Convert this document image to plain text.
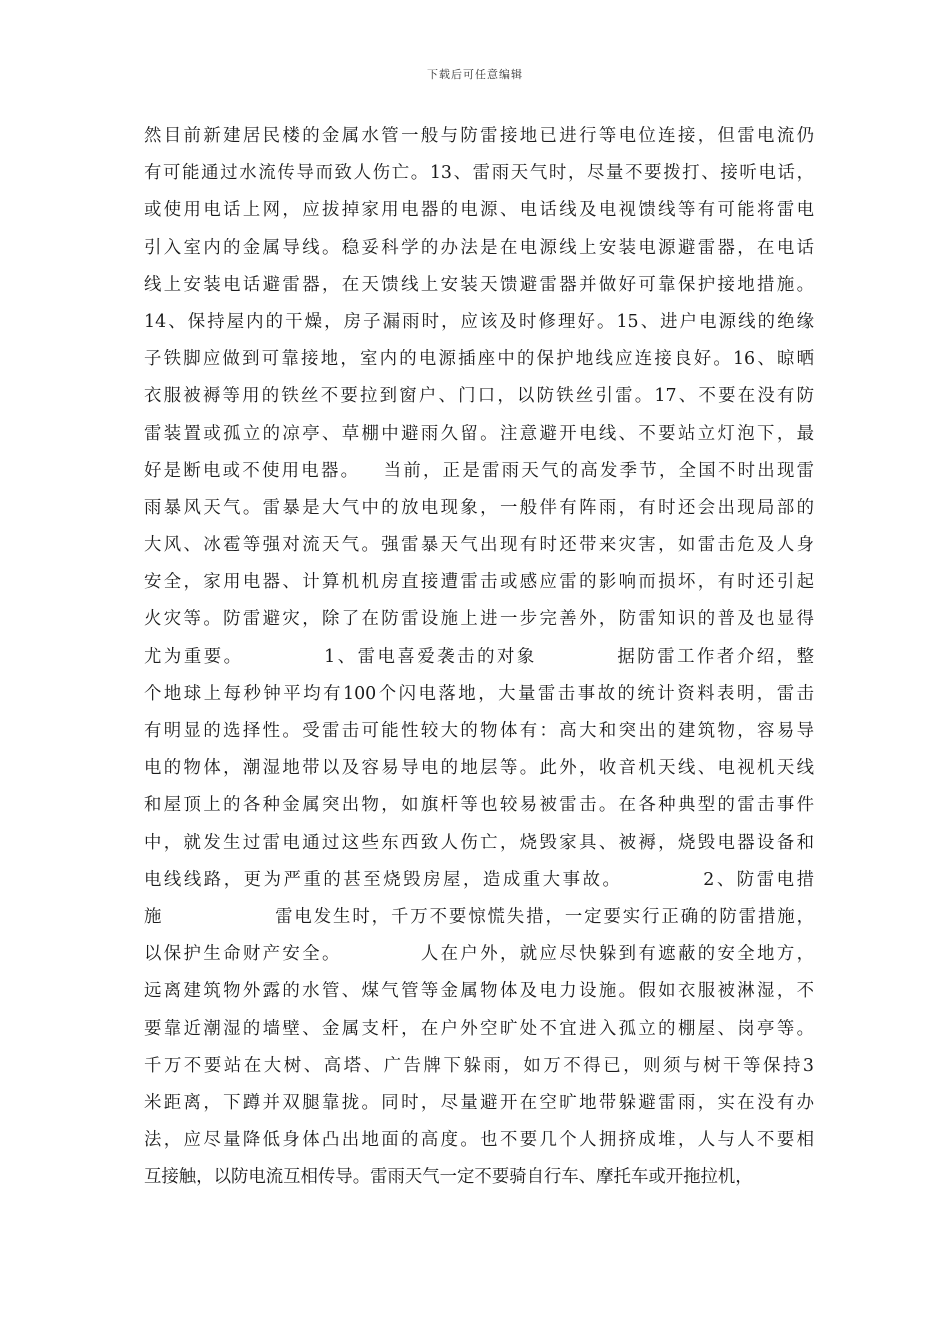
下载后可任意编辑
然目前新建居民楼的金属水管一般与防雷接地已进行等电位连接，但雷电流仍
有可能通过水流传导而致人伤亡。13、雷雨天气时，尽量不要拨打、接听电话，
或使用电话上网，应拔掉家用电器的电源、电话线及电视馈线等有可能将雷电
引入室内的金属导线。稳妥科学的办法是在电源线上安装电源避雷器，在电话
线上安装电话避雷器，在天馈线上安装天馈避雷器并做好可靠保护接地措施。
14、保持屋内的干燥，房子漏雨时，应该及时修理好。15、进户电源线的绝缘
子铁脚应做到可靠接地，室内的电源插座中的保护地线应连接良好。16、晾晒
衣服被褥等用的铁丝不要拉到窗户、门口，以防铁丝引雷。17、不要在没有防
雷装置或孤立的凉亭、草棚中避雨久留。注意避开电线、不要站立灯泡下，最
好是断电或不使用电器。   当前，正是雷雨天气的高发季节，全国不时出现雷
雨暴风天气。雷暴是大气中的放电现象，一般伴有阵雨，有时还会出现局部的
大风、冰雹等强对流天气。强雷暴天气出现有时还带来灾害，如雷击危及人身
安全，家用电器、计算机机房直接遭雷击或感应雷的影响而损坏，有时还引起
火灾等。防雷避灾，除了在防雷设施上进一步完善外，防雷知识的普及也显得
尤为重要。          1、雷电喜爱袭击的对象          据防雷工作者介绍，整
个地球上每秒钟平均有100个闪电落地，大量雷击事故的统计资料表明，雷击
有明显的选择性。受雷击可能性较大的物体有：高大和突出的建筑物，容易导
电的物体，潮湿地带以及容易导电的地层等。此外，收音机天线、电视机天线
和屋顶上的各种金属突出物，如旗杆等也较易被雷击。在各种典型的雷击事件
中，就发生过雷电通过这些东西致人伤亡，烧毁家具、被褥，烧毁电器设备和
电线线路，更为严重的甚至烧毁房屋，造成重大事故。          2、防雷电措
施               雷电发生时，千万不要惊慌失措，一定要实行正确的防雷措施，
以保护生命财产安全。          人在户外，就应尽快躲到有遮蔽的安全地方，
远离建筑物外露的水管、煤气管等金属物体及电力设施。假如衣服被淋湿，不
要靠近潮湿的墙壁、金属支杆，在户外空旷处不宜进入孤立的棚屋、岗亭等。
千万不要站在大树、高塔、广告牌下躲雨，如万不得已，则须与树干等保持3
米距离，下蹲并双腿靠拢。同时，尽量避开在空旷地带躲避雷雨，实在没有办
法，应尽量降低身体凸出地面的高度。也不要几个人拥挤成堆，人与人不要相
互接触，以防电流互相传导。雷雨天气一定不要骑自行车、摩托车或开拖拉机，
